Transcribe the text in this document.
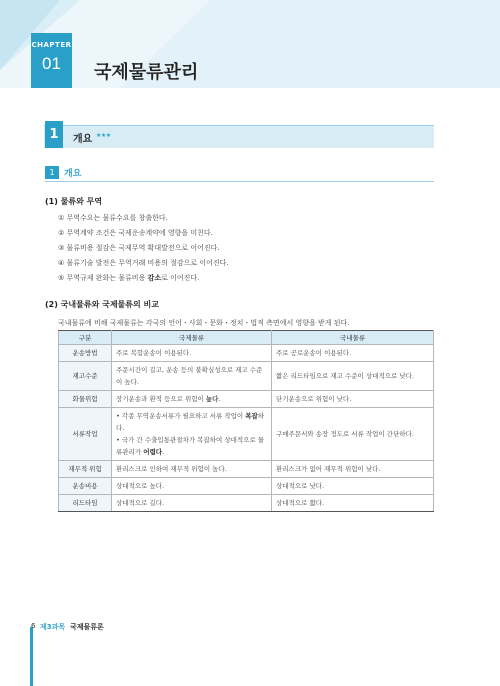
CHAPTER
01	국제물류관리
1	개요 ★★★
1	개요
(1) 물류와 무역
① 무역수요는 물류수요를 창출한다.
② 무역계약 조건은 국제운송계약에 영향을 미친다.
③ 물류비용 절감은 국제무역 확대발전으로 이어진다.
④ 물류기술 발전은 무역거래 비용의 절감으로 이어진다.
⑤ 무역규제 완화는 물류비용 감소로 이어진다.
(2) 국내물류와 국제물류의 비교
국내물류에 비해 국제물류는 각국의 언어・사회・문화・정치・법적 측면에서 영향을 받게 된다.
구분	국제물류	국내물류
운송방법	주로 복합운송이 이용된다.	주로 공로운송이 이용된다.
재고수준	주문시간이 길고, 운송 등의 불확실성으로 재고 수준이 높다.	짧은 리드타임으로 재고 수준이 상대적으로 낮다.
화물위험	장기운송과 환적 등으로 위험이 높다.	단기운송으로 위험이 낮다.
서류작업	• 각종 무역운송서류가 필요하고 서류 작업이 복잡하다.
• 국가 간 수출입통관절차가 복잡하여 상대적으로 물류관리가 어렵다.	구매주문서와 송장 정도로 서류 작업이 간단하다.
재무적 위험	환리스크로 인하여 재무적 위험이 높다.	환리스크가 없어 재무적 위험이 낮다.
운송비용	상대적으로 높다.	상대적으로 낮다.
리드타임	상대적으로 길다.	상대적으로 짧다.
6 제3과목 국제물류론
